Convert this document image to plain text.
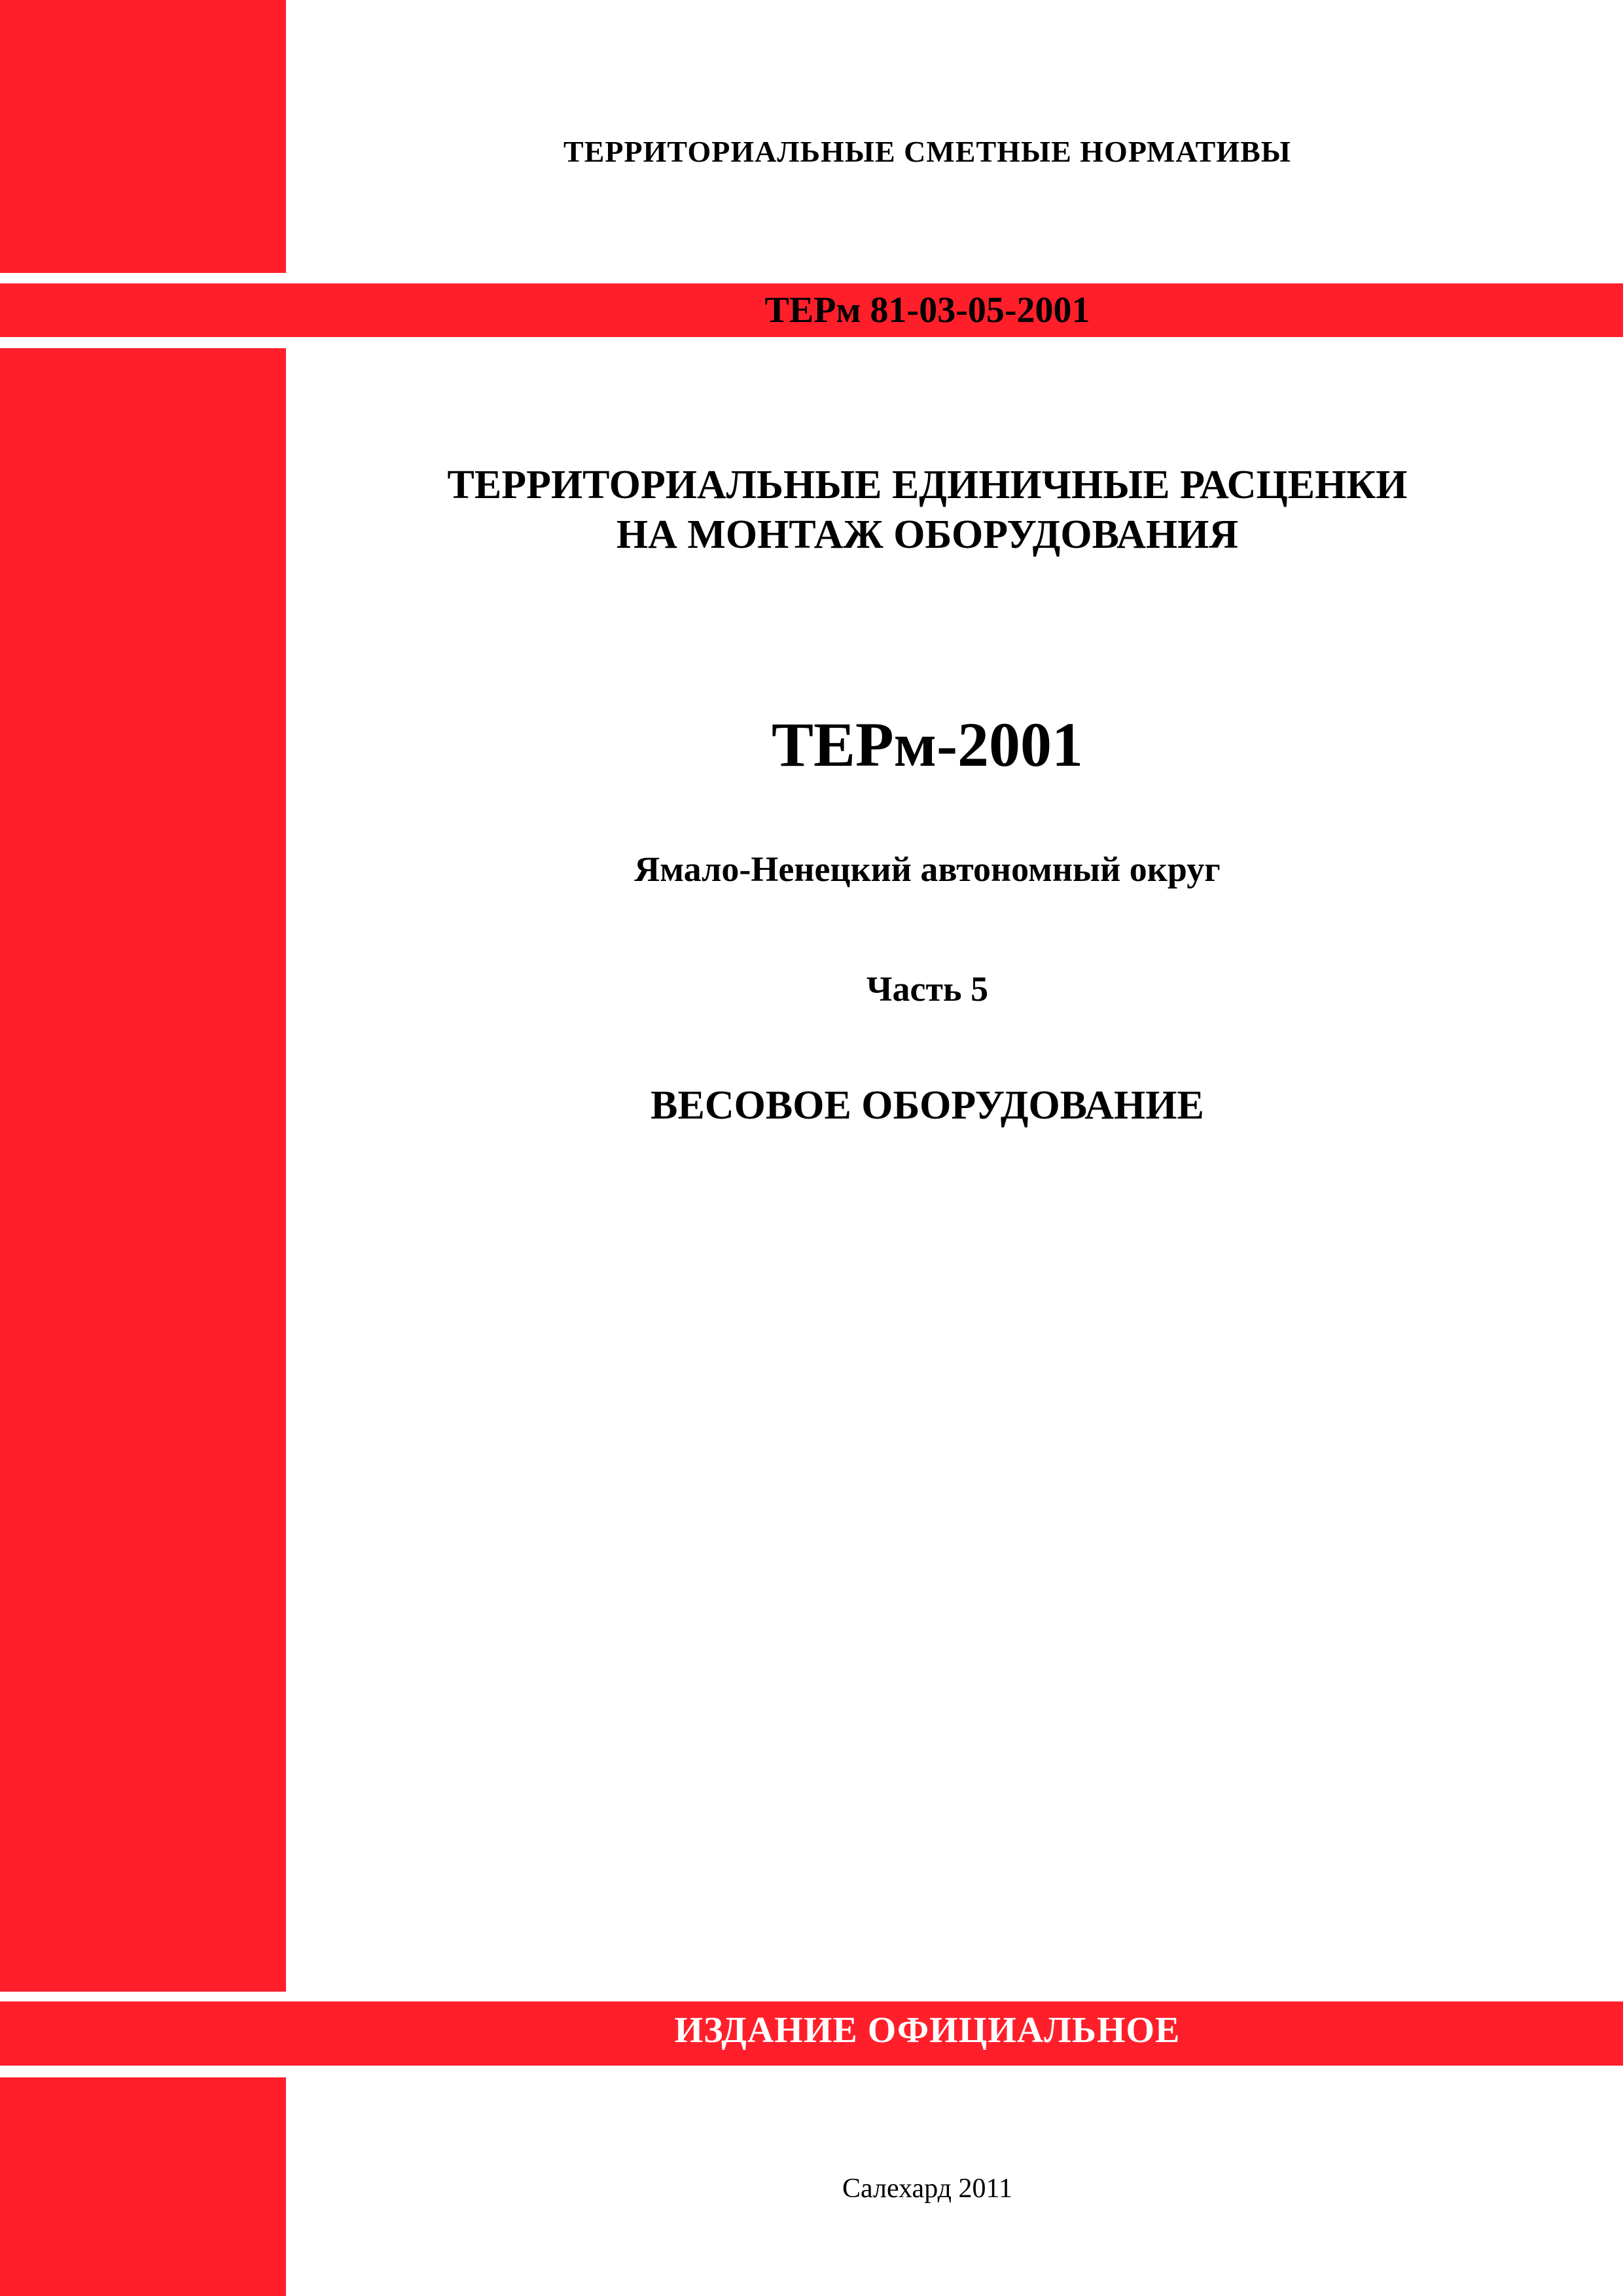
ТЕРРИТОРИАЛЬНЫЕ СМЕТНЫЕ НОРМАТИВЫ
ТЕРм 81-03-05-2001
ТЕРРИТОРИАЛЬНЫЕ ЕДИНИЧНЫЕ РАСЦЕНКИ
НА МОНТАЖ ОБОРУДОВАНИЯ
ТЕРм-2001
Ямало-Ненецкий автономный округ
Часть 5
ВЕСОВОЕ ОБОРУДОВАНИЕ
ИЗДАНИЕ ОФИЦИАЛЬНОЕ
Салехард 2011
